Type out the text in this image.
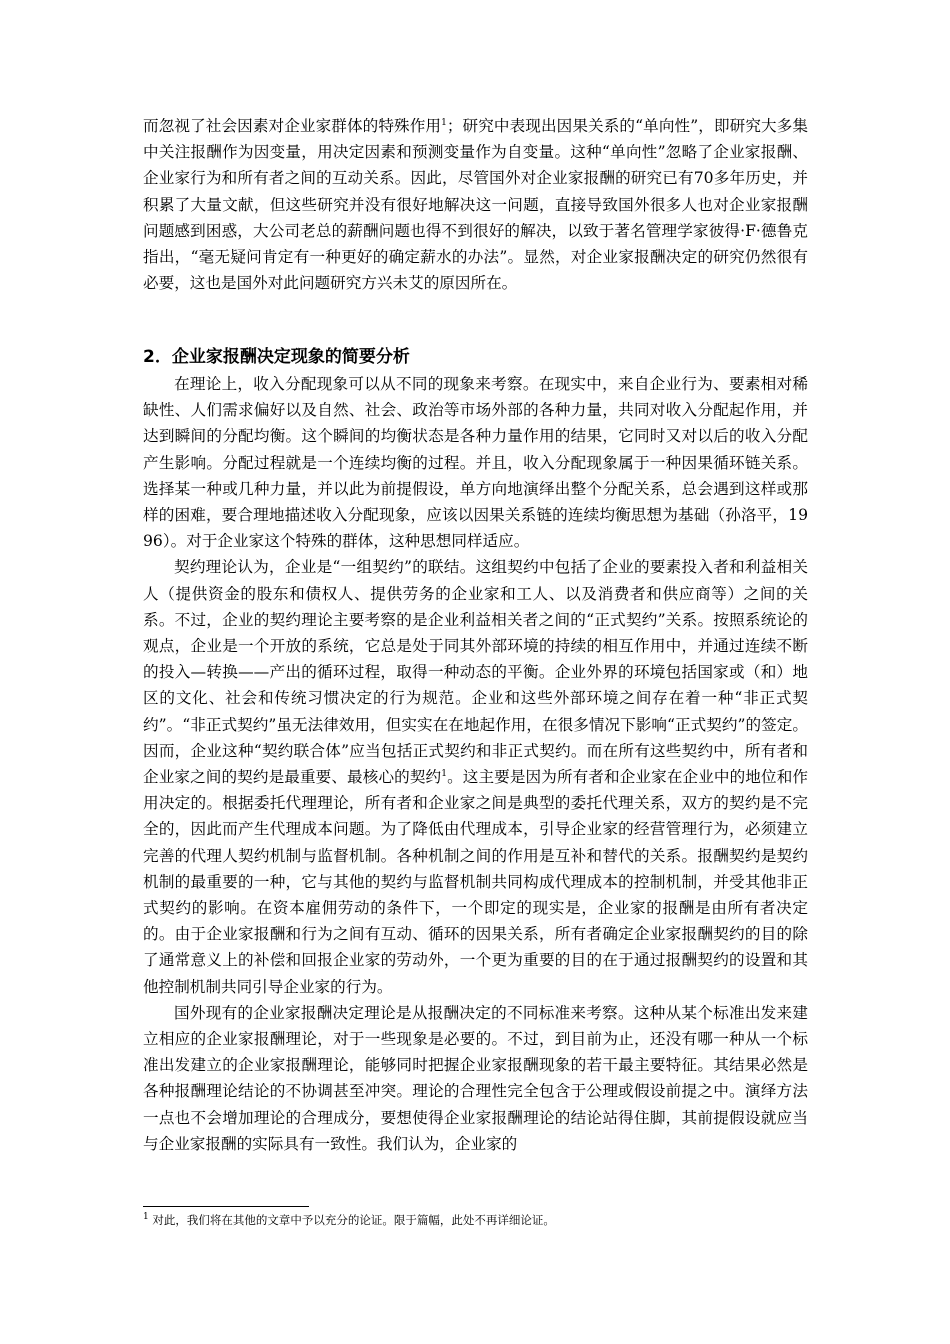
而忽视了社会因素对企业家群体的特殊作用$^1$；研究中表现出因果关系的“单向性”，即研究大多集中关注报酬作为因变量，用决定因素和预测变量作为自变量。这种“单向性”忽略了企业家报酬、企业家行为和所有者之间的互动关系。因此，尽管国外对企业家报酬的研究已有70多年历史，并积累了大量文献，但这些研究并没有很好地解决这一问题，直接导致国外很多人也对企业家报酬问题感到困惑，大公司老总的薪酬问题也得不到很好的解决，以致于著名管理学家彼得·F·德鲁克指出，“毫无疑问肯定有一种更好的确定薪水的办法”。显然，对企业家报酬决定的研究仍然很有必要，这也是国外对此问题研究方兴未艾的原因所在。

2．企业家报酬决定现象的简要分析

在理论上，收入分配现象可以从不同的现象来考察。在现实中，来自企业行为、要素相对稀缺性、人们需求偏好以及自然、社会、政治等市场外部的各种力量，共同对收入分配起作用，并达到瞬间的分配均衡。这个瞬间的均衡状态是各种力量作用的结果，它同时又对以后的收入分配产生影响。分配过程就是一个连续均衡的过程。并且，收入分配现象属于一种因果循环链关系。选择某一种或几种力量，并以此为前提假设，单方向地演绎出整个分配关系，总会遇到这样或那样的困难，要合理地描述收入分配现象，应该以因果关系链的连续均衡思想为基础（孙洛平，1996）。对于企业家这个特殊的群体，这种思想同样适应。

契约理论认为，企业是“一组契约”的联结。这组契约中包括了企业的要素投入者和利益相关人（提供资金的股东和债权人、提供劳务的企业家和工人、以及消费者和供应商等）之间的关系。不过，企业的契约理论主要考察的是企业利益相关者之间的“正式契约”关系。按照系统论的观点，企业是一个开放的系统，它总是处于同其外部环境的持续的相互作用中，并通过连续不断的投入—转换——产出的循环过程，取得一种动态的平衡。企业外界的环境包括国家或（和）地区的文化、社会和传统习惯决定的行为规范。企业和这些外部环境之间存在着一种“非正式契约”。“非正式契约”虽无法律效用，但实实在在地起作用，在很多情况下影响“正式契约”的签定。因而，企业这种“契约联合体”应当包括正式契约和非正式契约。而在所有这些契约中，所有者和企业家之间的契约是最重要、最核心的契约$^1$。这主要是因为所有者和企业家在企业中的地位和作用决定的。根据委托代理理论，所有者和企业家之间是典型的委托代理关系，双方的契约是不完全的，因此而产生代理成本问题。为了降低由代理成本，引导企业家的经营管理行为，必须建立完善的代理人契约机制与监督机制。各种机制之间的作用是互补和替代的关系。报酬契约是契约机制的最重要的一种，它与其他的契约与监督机制共同构成代理成本的控制机制，并受其他非正式契约的影响。在资本雇佣劳动的条件下，一个即定的现实是，企业家的报酬是由所有者决定的。由于企业家报酬和行为之间有互动、循环的因果关系，所有者确定企业家报酬契约的目的除了通常意义上的补偿和回报企业家的劳动外，一个更为重要的目的在于通过报酬契约的设置和其他控制机制共同引导企业家的行为。

国外现有的企业家报酬决定理论是从报酬决定的不同标准来考察。这种从某个标准出发来建立相应的企业家报酬理论，对于一些现象是必要的。不过，到目前为止，还没有哪一种从一个标准出发建立的企业家报酬理论，能够同时把握企业家报酬现象的若干最主要特征。其结果必然是各种报酬理论结论的不协调甚至冲突。理论的合理性完全包含于公理或假设前提之中。演绎方法一点也不会增加理论的合理成分，要想使得企业家报酬理论的结论站得住脚，其前提假设就应当与企业家报酬的实际具有一致性。我们认为，企业家的

$^1$ 对此，我们将在其他的文章中予以充分的论证。限于篇幅，此处不再详细论证。
